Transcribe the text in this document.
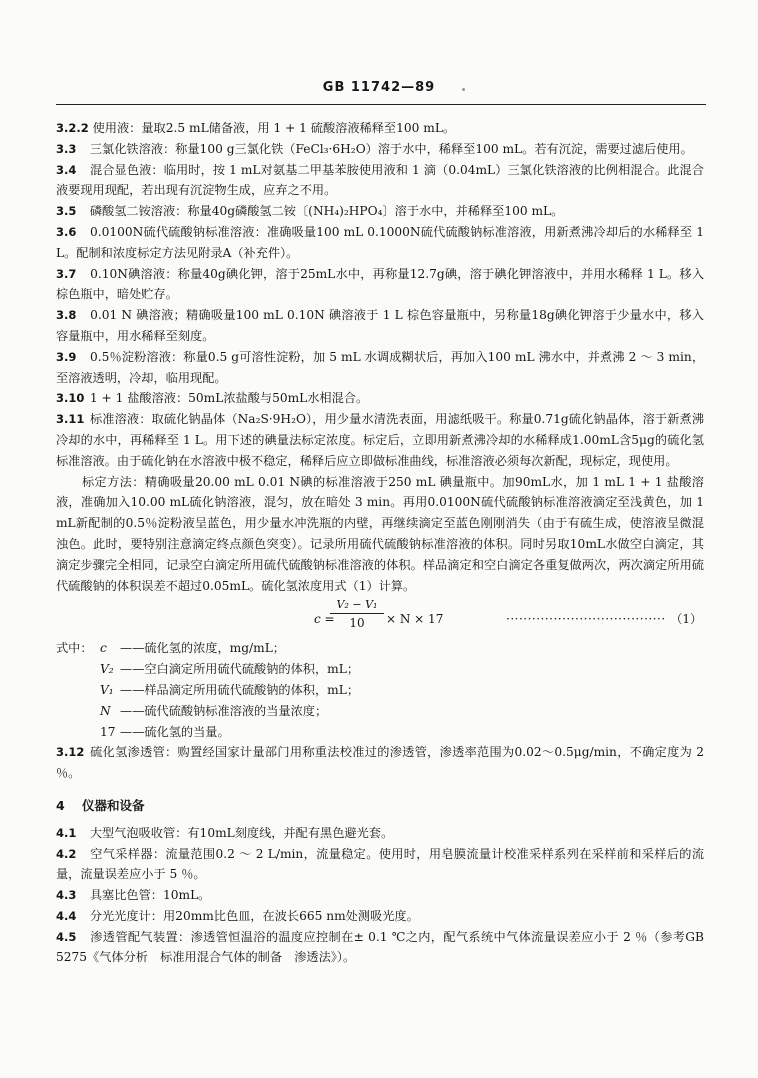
GB 11742—89

3.2.2 使用液：量取2.5 mL储备液，用 1 + 1 硫酸溶液稀释至100 mL。

3.3 三氯化铁溶液：称量100 g三氯化铁（FeCl₃·6H₂O）溶于水中，稀释至100 mL。若有沉淀，需要过滤后使用。

3.4 混合显色液：临用时，按 1 mL对氨基二甲基苯胺使用液和 1 滴（0.04mL）三氯化铁溶液的比例相混合。此混合液要现用现配，若出现有沉淀物生成，应弃之不用。

3.5 磷酸氢二铵溶液：称量40g磷酸氢二铵〔(NH₄)₂HPO₄〕溶于水中，并稀释至100 mL。

3.6 0.0100N硫代硫酸钠标准溶液：准确吸量100 mL 0.1000N硫代硫酸钠标准溶液，用新煮沸冷却后的水稀释至 1 L。配制和浓度标定方法见附录A（补充件）。

3.7 0.10N碘溶液：称量40g碘化钾，溶于25mL水中，再称量12.7g碘，溶于碘化钾溶液中，并用水稀释 1 L。移入棕色瓶中，暗处贮存。

3.8 0.01 N 碘溶液；精确吸量100 mL 0.10N 碘溶液于 1 L 棕色容量瓶中，另称量18g碘化钾溶于少量水中，移入容量瓶中，用水稀释至刻度。

3.9 0.5％淀粉溶液：称量0.5 g可溶性淀粉，加 5 mL 水调成糊状后，再加入100 mL 沸水中，并煮沸 2 ～ 3 min，至溶液透明，冷却，临用现配。

3.10 1 + 1 盐酸溶液：50mL浓盐酸与50mL水相混合。

3.11 标准溶液：取硫化钠晶体（Na₂S·9H₂O），用少量水清洗表面，用滤纸吸干。称量0.71g硫化钠晶体，溶于新煮沸冷却的水中，再稀释至 1 L。用下述的碘量法标定浓度。标定后，立即用新煮沸冷却的水稀释成1.00mL含5μg的硫化氢标准溶液。由于硫化钠在水溶液中极不稳定，稀释后应立即做标准曲线，标准溶液必须每次新配，现标定，现使用。

标定方法：精确吸量20.00 mL 0.01 N碘的标准溶液于250 mL 碘量瓶中。加90mL水，加 1 mL 1 + 1 盐酸溶液，准确加入10.00 mL硫化钠溶液，混匀，放在暗处 3 min。再用0.0100N硫代硫酸钠标准溶液滴定至浅黄色，加 1 mL新配制的0.5％淀粉液呈蓝色，用少量水冲洗瓶的内壁，再继续滴定至蓝色刚刚消失（由于有硫生成，使溶液呈微混浊色。此时，要特别注意滴定终点颜色突变）。记录所用硫代硫酸钠标准溶液的体积。同时另取10mL水做空白滴定，其滴定步骤完全相同，记录空白滴定所用硫代硫酸钠标准溶液的体积。样品滴定和空白滴定各重复做两次，两次滴定所用硫代硫酸钠的体积误差不超过0.05mL。硫化氢浓度用式（1）计算。

c =
$\frac{\text{V₂ − V₁}}{10} \times N \times 17$	····································· （1）
式中： c ——硫化氢的浓度，mg/mL；
V₂ ——空白滴定所用硫代硫酸钠的体积，mL；
V₁ ——样品滴定所用硫代硫酸钠的体积，mL；
N ——硫代硫酸钠标准溶液的当量浓度；
17 ——硫化氢的当量。

3.12 硫化氢渗透管：购置经国家计量部门用称重法校准过的渗透管，渗透率范围为0.02～0.5μg/min，不确定度为 2 ％。

4 仪器和设备

4.1 大型气泡吸收管：有10mL刻度线，并配有黑色避光套。

4.2 空气采样器：流量范围0.2 ～ 2 L/min，流量稳定。使用时，用皂膜流量计校准采样系列在采样前和采样后的流量，流量误差应小于 5 ％。

4.3 具塞比色管：10mL。

4.4 分光光度计：用20mm比色皿，在波长665 nm处测吸光度。

4.5 渗透管配气装置：渗透管恒温浴的温度应控制在± 0.1 ℃之内，配气系统中气体流量误差应小于 2 ％（参考GB 5275《气体分析　标准用混合气体的制备　渗透法》）。
